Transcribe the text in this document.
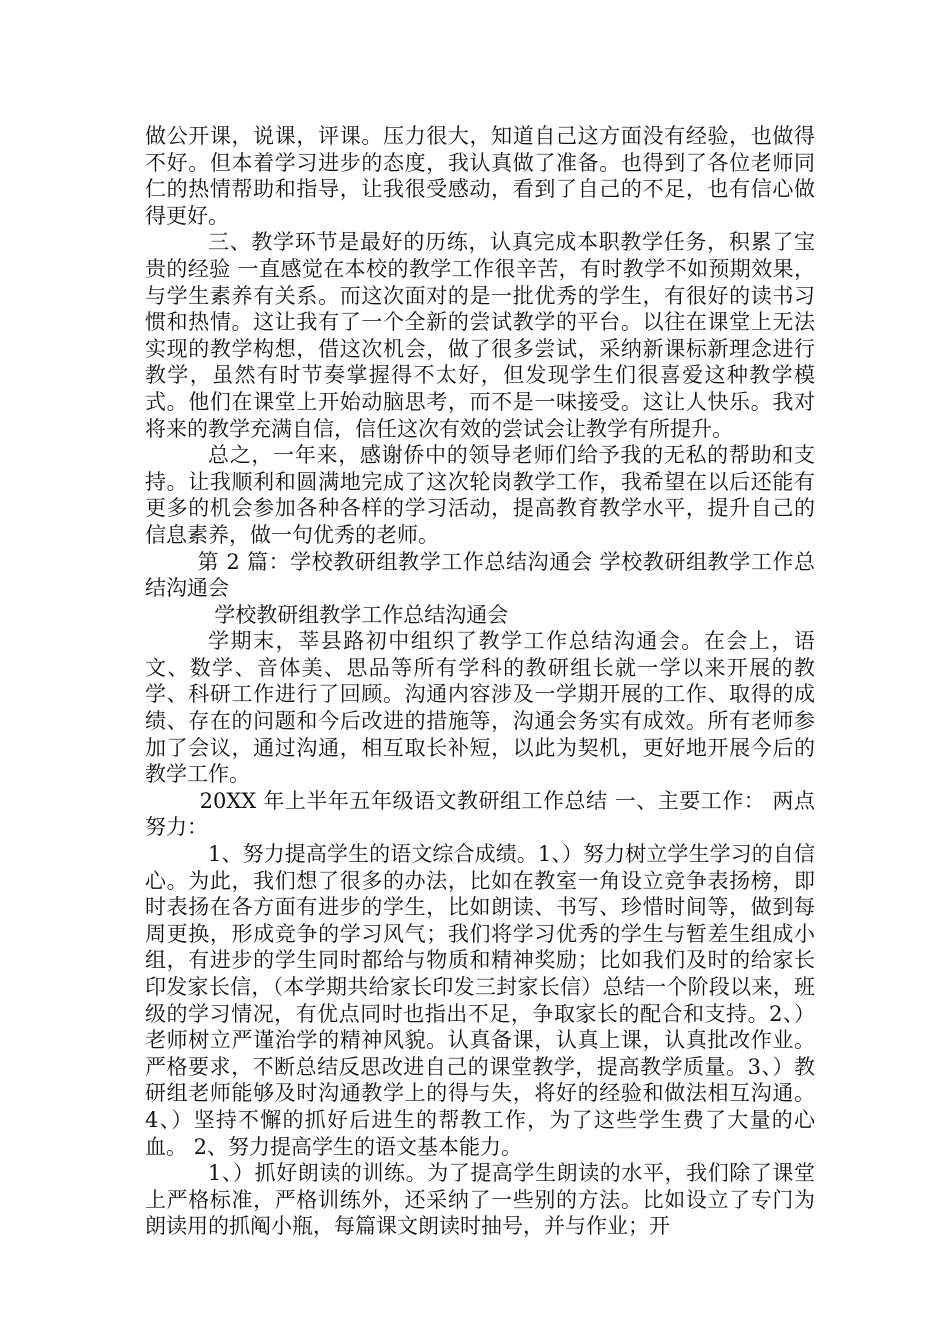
做公开课，说课，评课。压力很大，知道自己这方面没有经验，也做得不好。但本着学习进步的态度，我认真做了准备。也得到了各位老师同仁的热情帮助和指导，让我很受感动，看到了自己的不足，也有信心做得更好。

三、教学环节是最好的历练，认真完成本职教学任务，积累了宝贵的经验 一直感觉在本校的教学工作很辛苦，有时教学不如预期效果，与学生素养有关系。而这次面对的是一批优秀的学生，有很好的读书习惯和热情。这让我有了一个全新的尝试教学的平台。以往在课堂上无法实现的教学构想，借这次机会，做了很多尝试，采纳新课标新理念进行教学，虽然有时节奏掌握得不太好，但发现学生们很喜爱这种教学模式。他们在课堂上开始动脑思考，而不是一味接受。这让人快乐。我对将来的教学充满自信，信任这次有效的尝试会让教学有所提升。

总之，一年来，感谢侨中的领导老师们给予我的无私的帮助和支持。让我顺利和圆满地完成了这次轮岗教学工作，我希望在以后还能有更多的机会参加各种各样的学习活动，提高教育教学水平，提升自己的信息素养，做一句优秀的老师。

第 2 篇：学校教研组教学工作总结沟通会 学校教研组教学工作总结沟通会

学校教研组教学工作总结沟通会

学期末，莘县路初中组织了教学工作总结沟通会。在会上，语文、数学、音体美、思品等所有学科的教研组长就一学以来开展的教学、科研工作进行了回顾。沟通内容涉及一学期开展的工作、取得的成绩、存在的问题和今后改进的措施等，沟通会务实有成效。所有老师参加了会议，通过沟通，相互取长补短，以此为契机，更好地开展今后的教学工作。

20XX 年上半年五年级语文教研组工作总结 一、主要工作： 两点努力：

1、努力提高学生的语文综合成绩。1、）努力树立学生学习的自信心。为此，我们想了很多的办法，比如在教室一角设立竞争表扬榜，即时表扬在各方面有进步的学生，比如朗读、书写、珍惜时间等，做到每周更换，形成竞争的学习风气；我们将学习优秀的学生与暂差生组成小组，有进步的学生同时都给与物质和精神奖励；比如我们及时的给家长印发家长信，（本学期共给家长印发三封家长信）总结一个阶段以来，班级的学习情况，有优点同时也指出不足，争取家长的配合和支持。2、）老师树立严谨治学的精神风貌。认真备课，认真上课，认真批改作业。严格要求，不断总结反思改进自己的课堂教学，提高教学质量。3、）教研组老师能够及时沟通教学上的得与失，将好的经验和做法相互沟通。4、）坚持不懈的抓好后进生的帮教工作，为了这些学生费了大量的心血。 2、努力提高学生的语文基本能力。

1、）抓好朗读的训练。为了提高学生朗读的水平，我们除了课堂上严格标准，严格训练外，还采纳了一些别的方法。比如设立了专门为朗读用的抓阄小瓶，每篇课文朗读时抽号，并与作业；开
